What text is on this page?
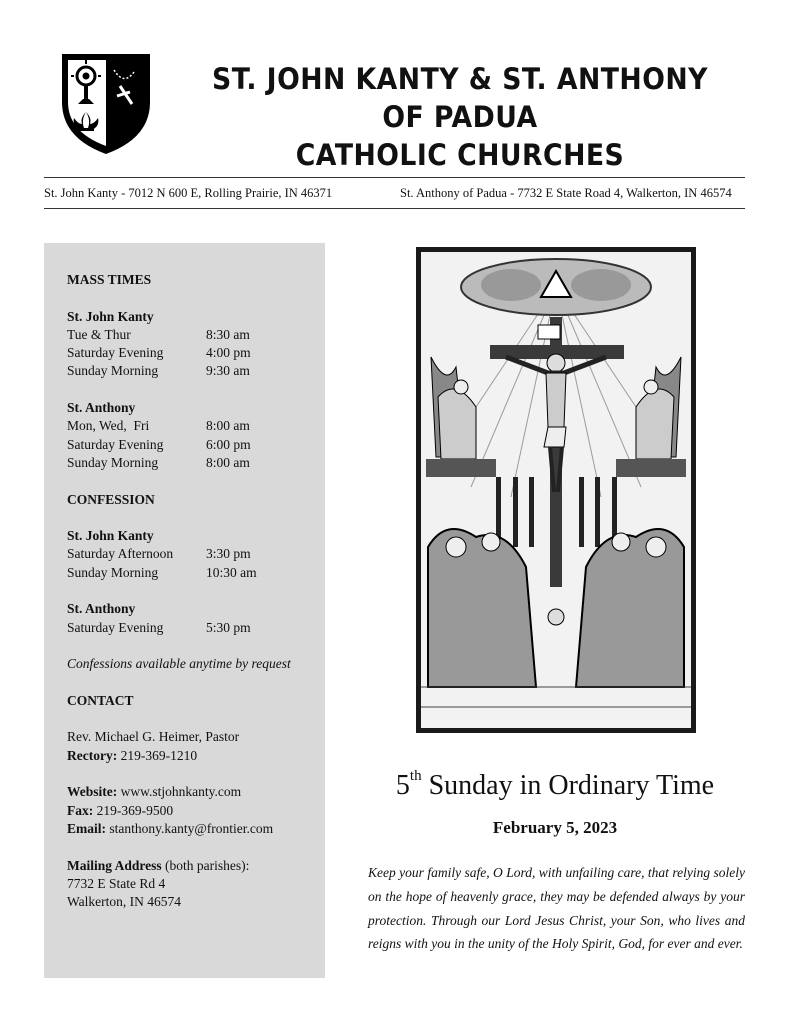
ST. JOHN KANTY & ST. ANTHONY OF PADUA
CATHOLIC CHURCHES
St. John Kanty - 7012 N 600 E, Rolling Prairie, IN 46371	St. Anthony of Padua - 7732 E State Road 4, Walkerton, IN 46574
MASS TIMES
St. John Kanty
Tue & Thur	8:30 am
Saturday Evening	4:00 pm
Sunday Morning	9:30 am
St. Anthony
Mon, Wed,  Fri	8:00 am
Saturday Evening	6:00 pm
Sunday Morning	8:00 am
CONFESSION
St. John Kanty
Saturday Afternoon	3:30 pm
Sunday Morning	10:30 am
St. Anthony
Saturday Evening	5:30 pm
Confessions available anytime by request
CONTACT
Rev. Michael G. Heimer, Pastor
Rectory: 219-369-1210
Website: www.stjohnkanty.com
Fax: 219-369-9500
Email: stanthony.kanty@frontier.com
Mailing Address (both parishes):
7732 E State Rd 4
Walkerton, IN 46574
5th Sunday in Ordinary Time
February 5, 2023
Keep your family safe, O Lord, with unfailing care, that relying solely on the hope of heavenly grace, they may be defended always by your protection. Through our Lord Jesus Christ, your Son, who lives and reigns with you in the unity of the Holy Spirit, God, for ever and ever.
